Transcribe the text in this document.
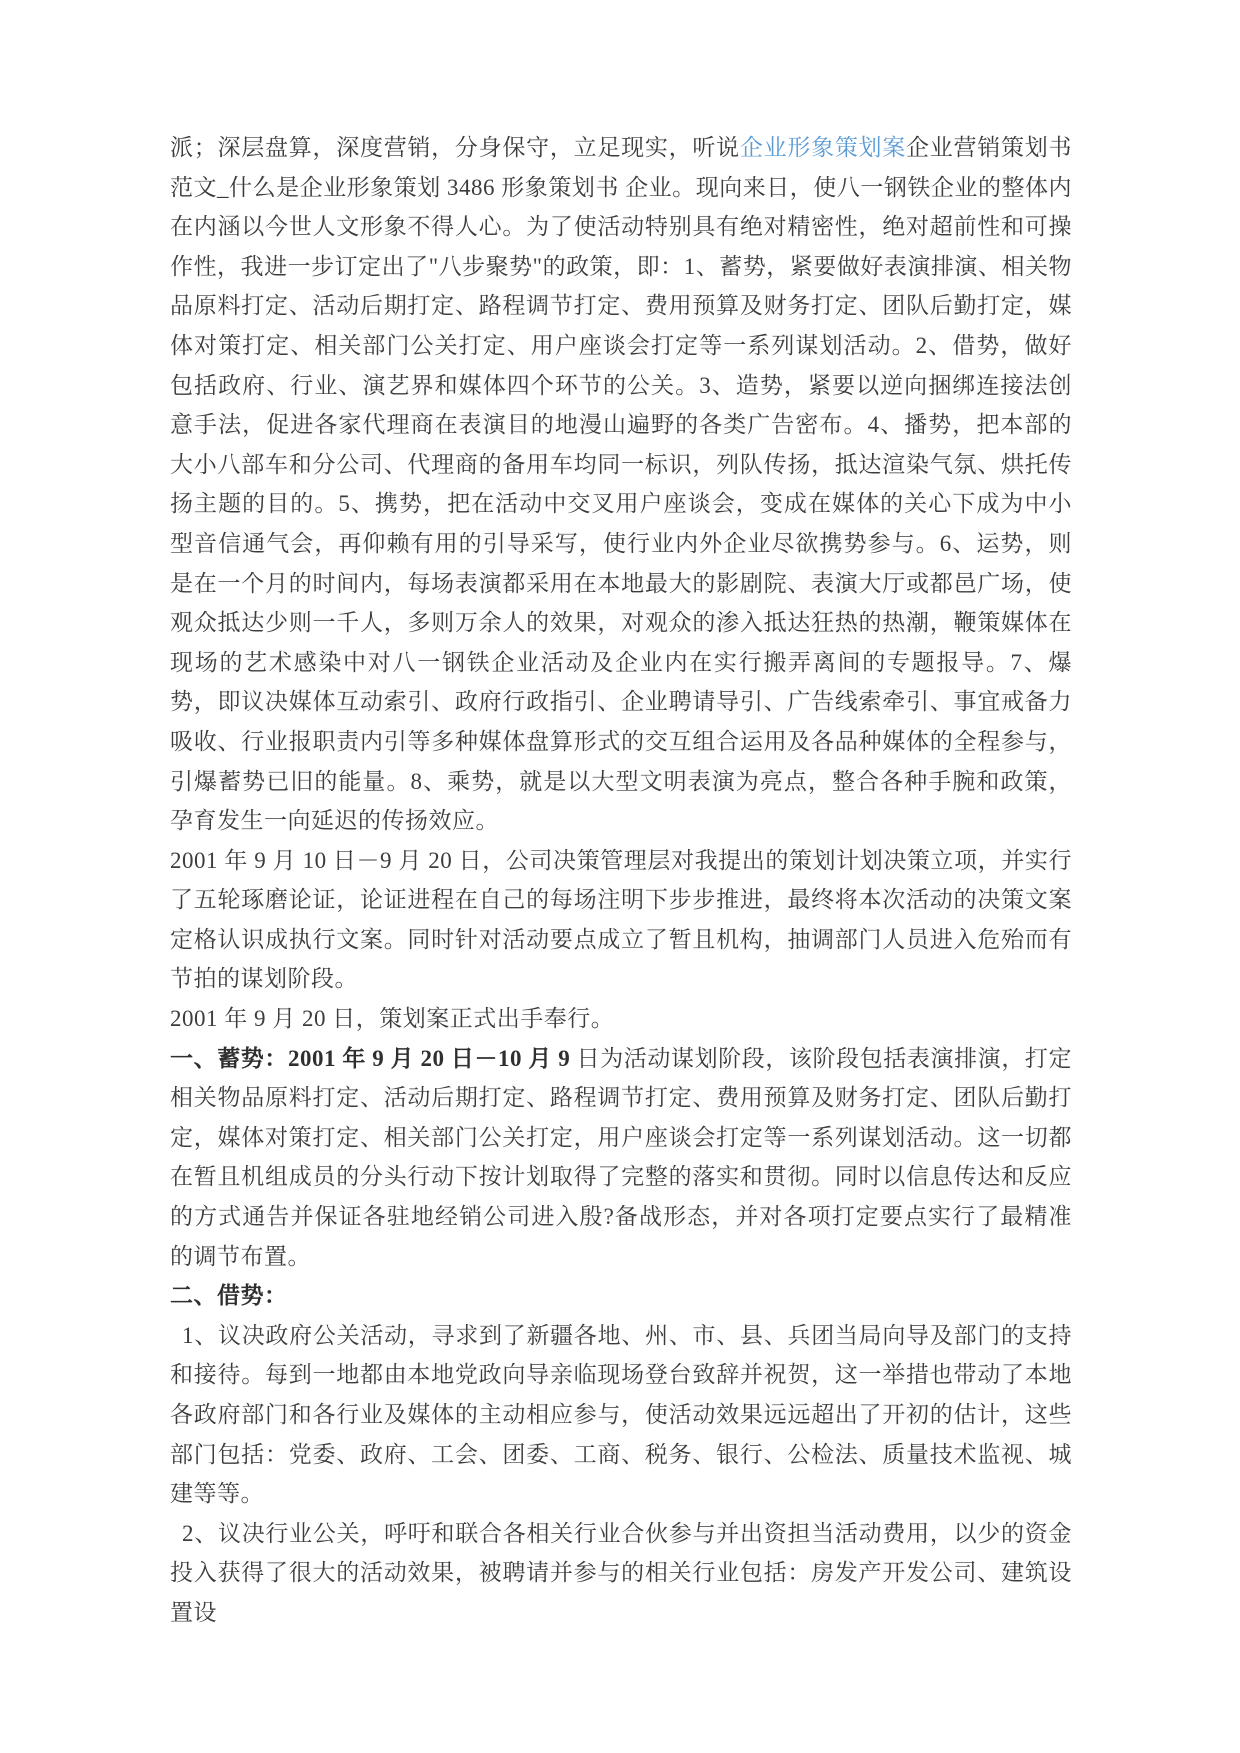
派；深层盘算，深度营销，分身保守，立足现实，听说企业形象策划案企业营销策划书范文_什么是企业形象策划 3486 形象策划书 企业。现向来日，使八一钢铁企业的整体内在内涵以今世人文形象不得人心。为了使活动特别具有绝对精密性，绝对超前性和可操作性，我进一步订定出了"八步聚势"的政策，即：1、蓄势，紧要做好表演排演、相关物品原料打定、活动后期打定、路程调节打定、费用预算及财务打定、团队后勤打定，媒体对策打定、相关部门公关打定、用户座谈会打定等一系列谋划活动。2、借势，做好包括政府、行业、演艺界和媒体四个环节的公关。3、造势，紧要以逆向捆绑连接法创意手法，促进各家代理商在表演目的地漫山遍野的各类广告密布。4、播势，把本部的大小八部车和分公司、代理商的备用车均同一标识，列队传扬，抵达渲染气氛、烘托传扬主题的目的。5、携势，把在活动中交叉用户座谈会，变成在媒体的关心下成为中小型音信通气会，再仰赖有用的引导采写，使行业内外企业尽欲携势参与。6、运势，则是在一个月的时间内，每场表演都采用在本地最大的影剧院、表演大厅或都邑广场，使观众抵达少则一千人，多则万余人的效果，对观众的渗入抵达狂热的热潮，鞭策媒体在现场的艺术感染中对八一钢铁企业活动及企业内在实行搬弄离间的专题报导。7、爆势，即议决媒体互动索引、政府行政指引、企业聘请导引、广告线索牵引、事宜戒备力吸收、行业报职责内引等多种媒体盘算形式的交互组合运用及各品种媒体的全程参与，引爆蓄势已旧的能量。8、乘势，就是以大型文明表演为亮点，整合各种手腕和政策，孕育发生一向延迟的传扬效应。

2001 年 9 月 10 日－9 月 20 日，公司决策管理层对我提出的策划计划决策立项，并实行了五轮琢磨论证，论证进程在自己的每场注明下步步推进，最终将本次活动的决策文案定格认识成执行文案。同时针对活动要点成立了暂且机构，抽调部门人员进入危殆而有节拍的谋划阶段。

2001 年 9 月 20 日，策划案正式出手奉行。

一、蓄势：2001 年 9 月 20 日－10 月 9 日为活动谋划阶段，该阶段包括表演排演，打定相关物品原料打定、活动后期打定、路程调节打定、费用预算及财务打定、团队后勤打定，媒体对策打定、相关部门公关打定，用户座谈会打定等一系列谋划活动。这一切都在暂且机组成员的分头行动下按计划取得了完整的落实和贯彻。同时以信息传达和反应的方式通告并保证各驻地经销公司进入殷?备战形态，并对各项打定要点实行了最精准的调节布置。

二、借势：

 1、议决政府公关活动，寻求到了新疆各地、州、市、县、兵团当局向导及部门的支持和接待。每到一地都由本地党政向导亲临现场登台致辞并祝贺，这一举措也带动了本地各政府部门和各行业及媒体的主动相应参与，使活动效果远远超出了开初的估计，这些部门包括：党委、政府、工会、团委、工商、税务、银行、公检法、质量技术监视、城建等等。

 2、议决行业公关，呼吁和联合各相关行业合伙参与并出资担当活动费用，以少的资金投入获得了很大的活动效果，被聘请并参与的相关行业包括：房发产开发公司、建筑设置设
